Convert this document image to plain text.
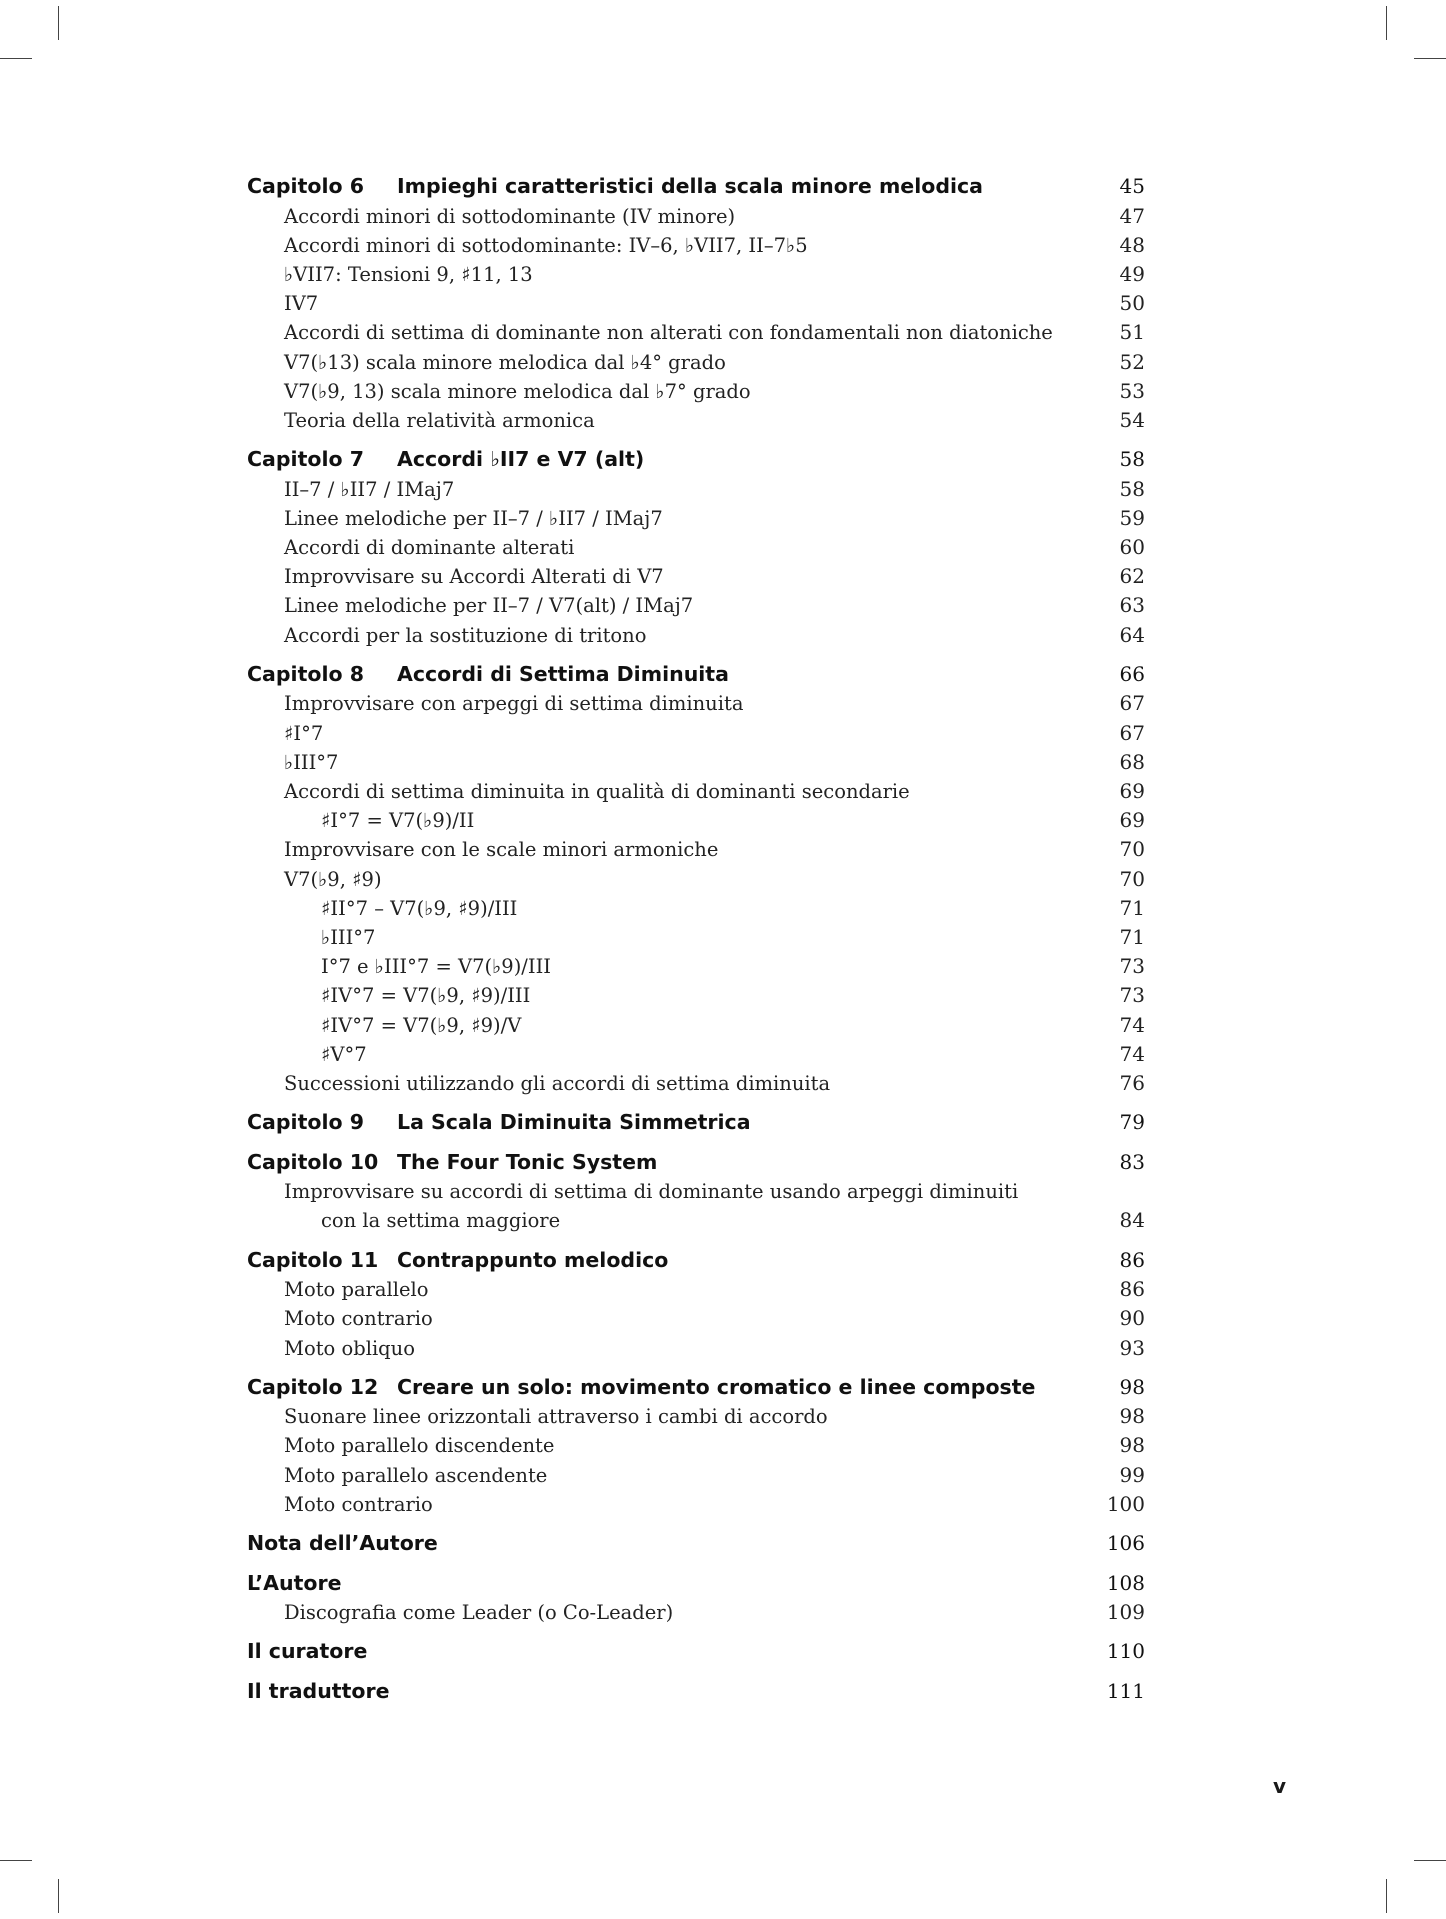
Capitolo 6 Impieghi caratteristici della scala minore melodica	45
Accordi minori di sottodominante (IV minore)	47
Accordi minori di sottodominante: IV–6, ♭VII7, II–7♭5	48
♭VII7: Tensioni 9, ♯11, 13	49
IV7	50
Accordi di settima di dominante non alterati con fondamentali non diatoniche	51
V7(♭13) scala minore melodica dal ♭4° grado	52
V7(♭9, 13) scala minore melodica dal ♭7° grado	53
Teoria della relatività armonica	54
Capitolo 7 Accordi ♭II7 e V7 (alt)	58
II–7 / ♭II7 / IMaj7	58
Linee melodiche per II–7 / ♭II7 / IMaj7	59
Accordi di dominante alterati	60
Improvvisare su Accordi Alterati di V7	62
Linee melodiche per II–7 / V7(alt) / IMaj7	63
Accordi per la sostituzione di tritono	64
Capitolo 8 Accordi di Settima Diminuita	66
Improvvisare con arpeggi di settima diminuita	67
♯I°7	67
♭III°7	68
Accordi di settima diminuita in qualità di dominanti secondarie	69
♯I°7 = V7(♭9)/II	69
Improvvisare con le scale minori armoniche	70
V7(♭9, ♯9)	70
♯II°7 – V7(♭9, ♯9)/III	71
♭III°7	71
I°7 e ♭III°7 = V7(♭9)/III	73
♯IV°7 = V7(♭9, ♯9)/III	73
♯IV°7 = V7(♭9, ♯9)/V	74
♯V°7	74
Successioni utilizzando gli accordi di settima diminuita	76
Capitolo 9 La Scala Diminuita Simmetrica	79
Capitolo 10 The Four Tonic System	83
Improvvisare su accordi di settima di dominante usando arpeggi diminuiti
con la settima maggiore	84
Capitolo 11 Contrappunto melodico	86
Moto parallelo	86
Moto contrario	90
Moto obliquo	93
Capitolo 12 Creare un solo: movimento cromatico e linee composte	98
Suonare linee orizzontali attraverso i cambi di accordo	98
Moto parallelo discendente	98
Moto parallelo ascendente	99
Moto contrario	100
Nota dell’Autore	106
L’Autore	108
Discografia come Leader (o Co-Leader)	109
Il curatore	110
Il traduttore	111
v
